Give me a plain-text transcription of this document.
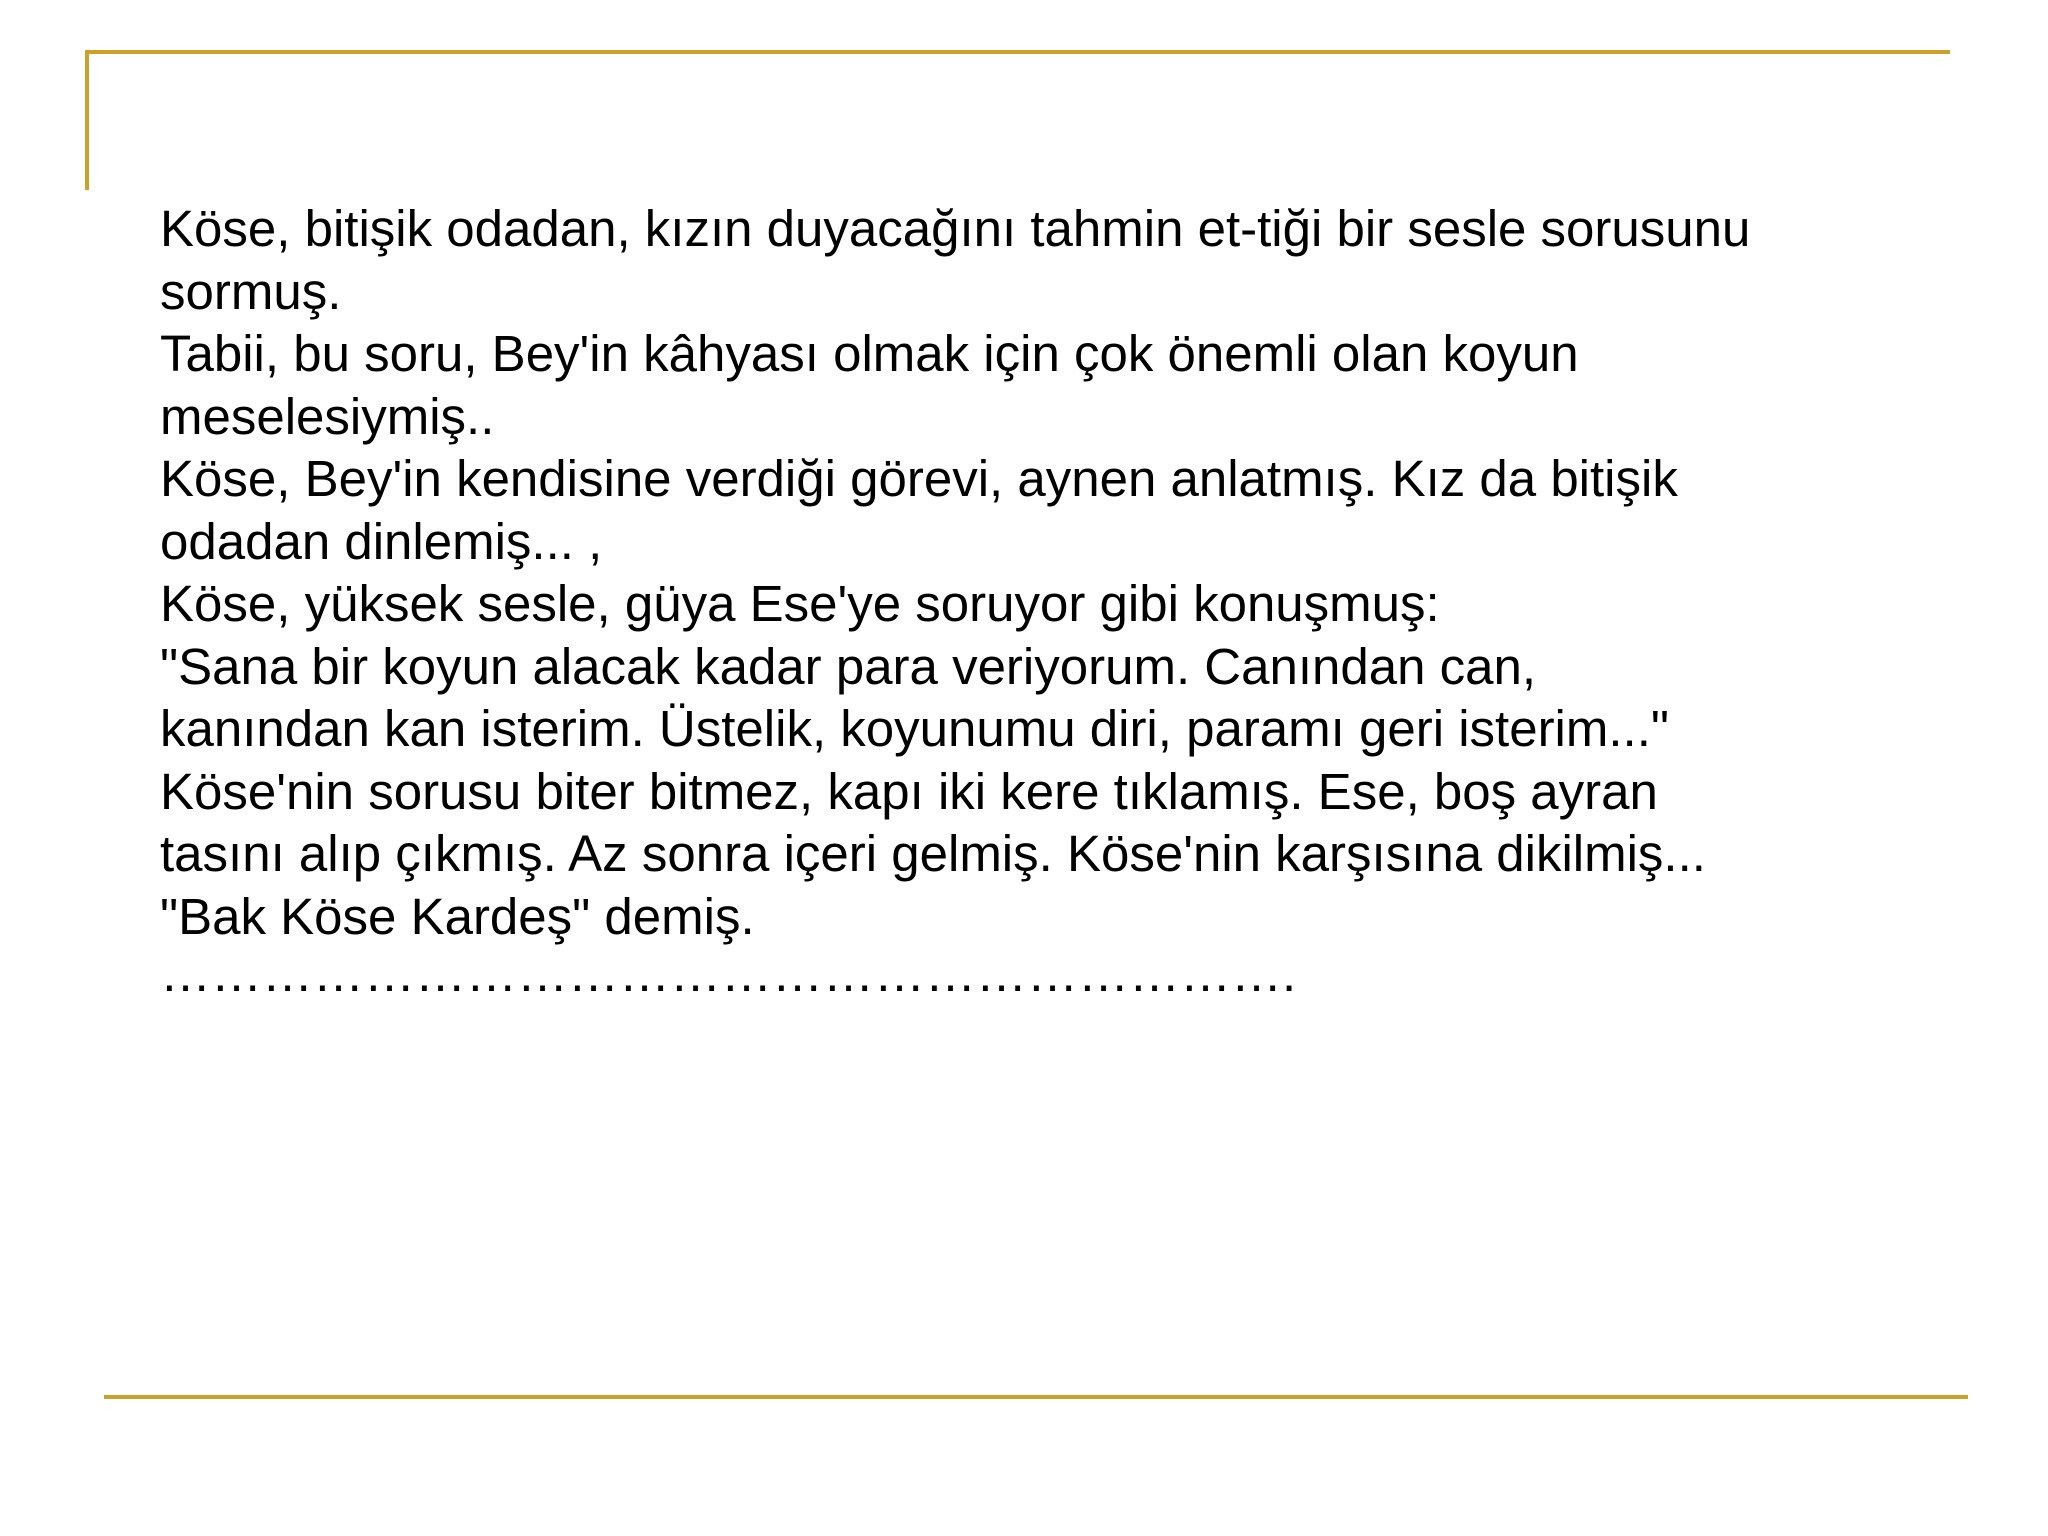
Köse, bitişik odadan, kızın duyacağını tahmin et-tiği bir sesle sorusunu sormuş.
Tabii, bu soru, Bey'in kâhyası olmak için çok önemli olan koyun meselesiymiş..
Köse, Bey'in kendisine verdiği görevi, aynen anlatmış. Kız da bitişik odadan dinlemiş... ,
Köse, yüksek sesle, güya Ese'ye soruyor gibi konuşmuş:
"Sana bir koyun alacak kadar para veriyorum. Canından can, kanından kan isterim. Üstelik, koyunumu diri, paramı geri isterim..."
Köse'nin sorusu biter bitmez, kapı iki kere tıklamış. Ese, boş ayran tasını alıp çıkmış. Az sonra içeri gelmiş. Köse'nin karşısına dikilmiş...
"Bak Köse Kardeş" demiş.
………………………………………………………….
